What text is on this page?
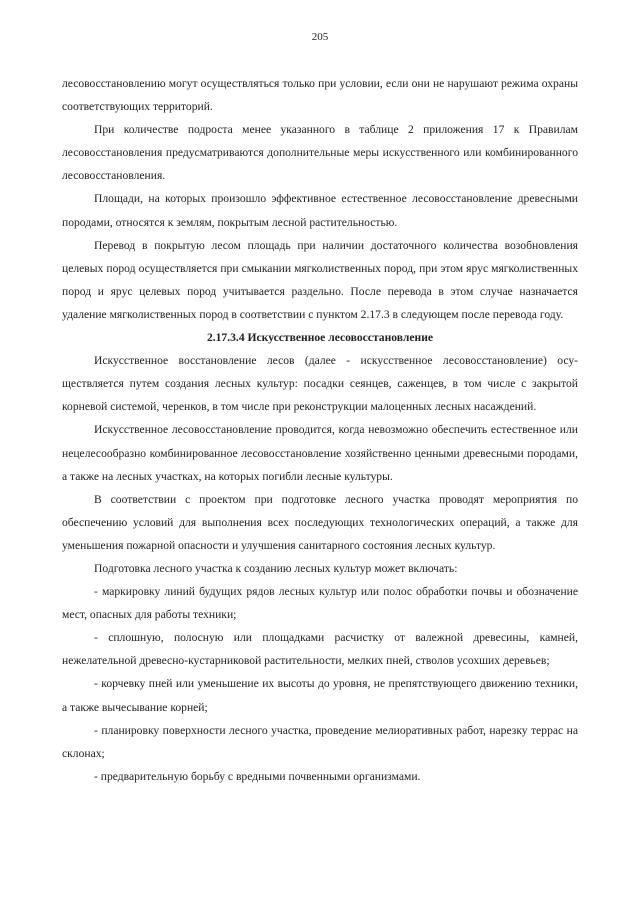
205

лесовосстановлению могут осуществляться только при условии, если они не нарушают режима охраны соответствующих территорий.

При количестве подроста менее указанного в таблице 2 приложения 17 к Правилам лесовосстановления предусматриваются дополнительные меры искусственного или комбинированного лесовосстановления.

Площади, на которых произошло эффективное естественное лесовосстановление древесными породами, относятся к землям, покрытым лесной растительностью.

Перевод в покрытую лесом площадь при наличии достаточного количества возобновления целевых пород осуществляется при смыкании мягколиственных пород, при этом ярус мягколиственных пород и ярус целевых пород учитывается раздельно. После перевода в этом случае назначается удаление мягколиственных пород в соответствии с пунктом 2.17.3 в следующем после перевода году.

2.17.3.4 Искусственное лесовосстановление

Искусственное восстановление лесов (далее - искусственное лесовосстановление) осуществляется путем создания лесных культур: посадки сеянцев, саженцев, в том числе с закрытой корневой системой, черенков, в том числе при реконструкции малоценных лесных насаждений.

Искусственное лесовосстановление проводится, когда невозможно обеспечить естественное или нецелесообразно комбинированное лесовосстановление хозяйственно ценными древесными породами, а также на лесных участках, на которых погибли лесные культуры.

В соответствии с проектом при подготовке лесного участка проводят мероприятия по обеспечению условий для выполнения всех последующих технологических операций, а также для уменьшения пожарной опасности и улучшения санитарного состояния лесных культур.

Подготовка лесного участка к созданию лесных культур может включать:

- маркировку линий будущих рядов лесных культур или полос обработки почвы и обозначение мест, опасных для работы техники;

- сплошную, полосную или площадками расчистку от валежной древесины, камней, нежелательной древесно-кустарниковой растительности, мелких пней, стволов усохших деревьев;

- корчевку пней или уменьшение их высоты до уровня, не препятствующего движению техники, а также вычесывание корней;

- планировку поверхности лесного участка, проведение мелиоративных работ, нарезку террас на склонах;

- предварительную борьбу с вредными почвенными организмами.
